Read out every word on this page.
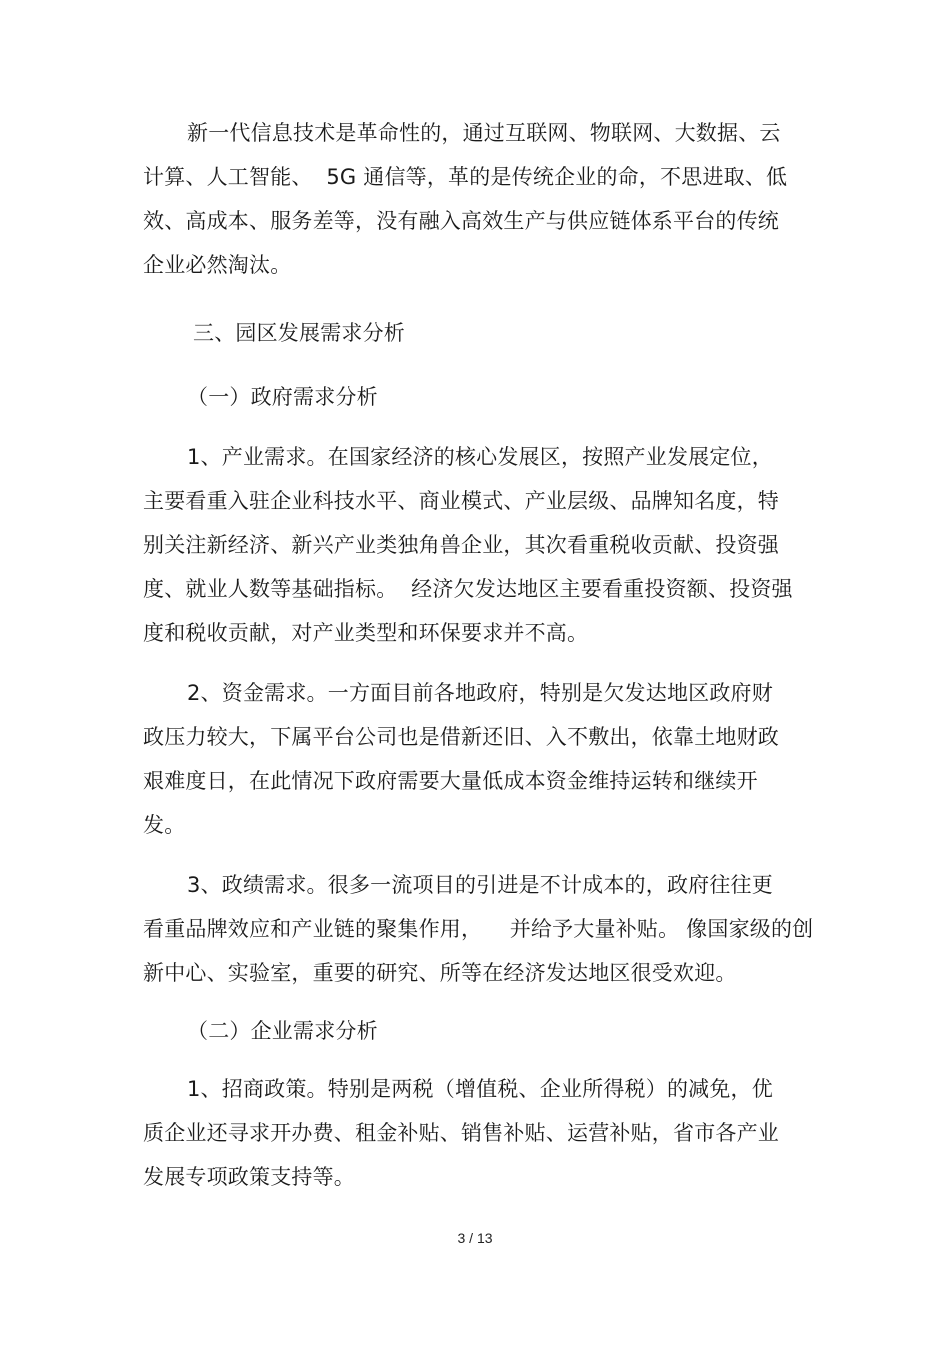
新一代信息技术是革命性的，通过互联网、物联网、大数据、云
计算、人工智能、  5G 通信等，革的是传统企业的命，不思进取、低
效、高成本、服务差等，没有融入高效生产与供应链体系平台的传统
企业必然淘汰。
三、园区发展需求分析
（一）政府需求分析
1、产业需求。在国家经济的核心发展区，按照产业发展定位，
主要看重入驻企业科技水平、商业模式、产业层级、品牌知名度，特
别关注新经济、新兴产业类独角兽企业，其次看重税收贡献、投资强
度、就业人数等基础指标。  经济欠发达地区主要看重投资额、投资强
度和税收贡献，对产业类型和环保要求并不高。
2、资金需求。一方面目前各地政府，特别是欠发达地区政府财
政压力较大，下属平台公司也是借新还旧、入不敷出，依靠土地财政
艰难度日，在此情况下政府需要大量低成本资金维持运转和继续开
发。
3、政绩需求。很多一流项目的引进是不计成本的，政府往往更
看重品牌效应和产业链的聚集作用，    并给予大量补贴。 像国家级的创
新中心、实验室，重要的研究、所等在经济发达地区很受欢迎。
（二）企业需求分析
1、招商政策。特别是两税（增值税、企业所得税）的减免，优
质企业还寻求开办费、租金补贴、销售补贴、运营补贴，省市各产业
发展专项政策支持等。
3 / 13
